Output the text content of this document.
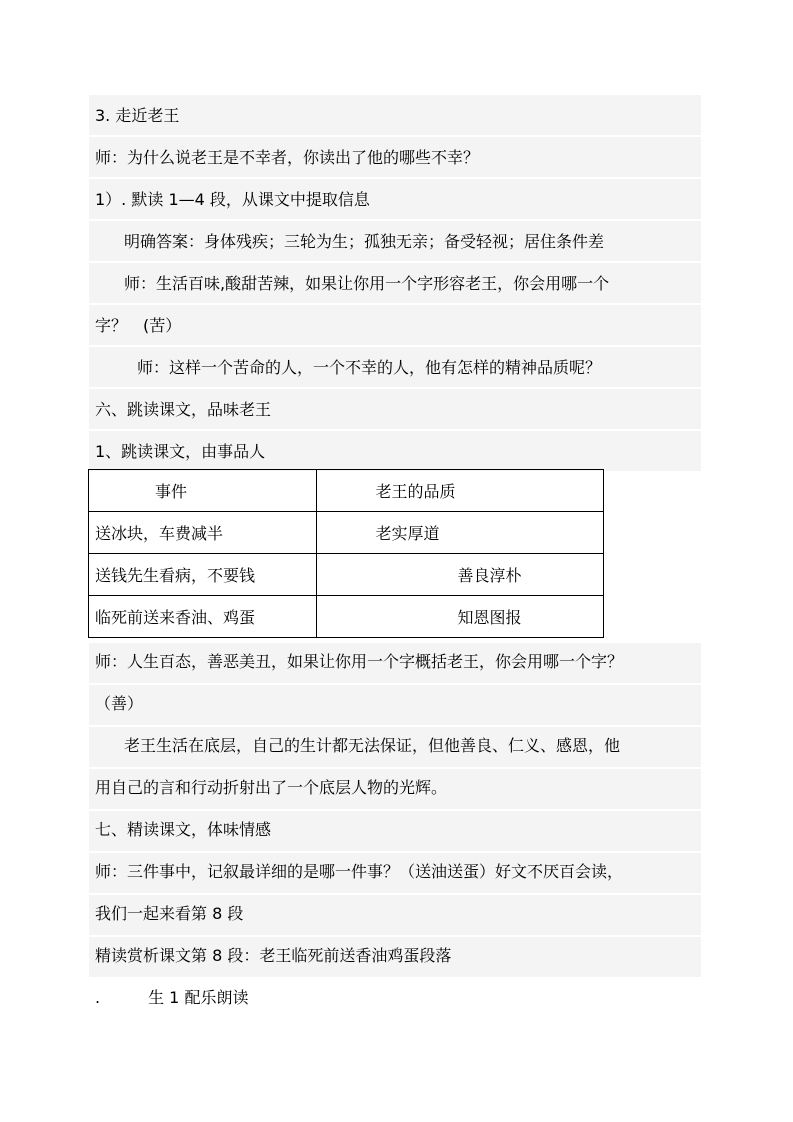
3. 走近老王
师：为什么说老王是不幸者，你读出了他的哪些不幸？
1）. 默读 1—4 段，从课文中提取信息
明确答案：身体残疾；三轮为生；孤独无亲；备受轻视；居住条件差
师：生活百味,酸甜苦辣，如果让你用一个字形容老王，你会用哪一个
字？　(苦）
师：这样一个苦命的人，一个不幸的人，他有怎样的精神品质呢？
六、跳读课文，品味老王
1、跳读课文，由事品人
事件	老王的品质
送冰块，车费减半	老实厚道
送钱先生看病，不要钱	善良淳朴
临死前送来香油、鸡蛋	知恩图报
师：人生百态，善恶美丑，如果让你用一个字概括老王，你会用哪一个字？
（善）
老王生活在底层，自己的生计都无法保证，但他善良、仁义、感恩，他
用自己的言和行动折射出了一个底层人物的光辉。
七、精读课文，体味情感
师：三件事中，记叙最详细的是哪一件事？（送油送蛋）好文不厌百会读，
我们一起来看第 8 段
精读赏析课文第 8 段：老王临死前送香油鸡蛋段落
.　　　生 1 配乐朗读
